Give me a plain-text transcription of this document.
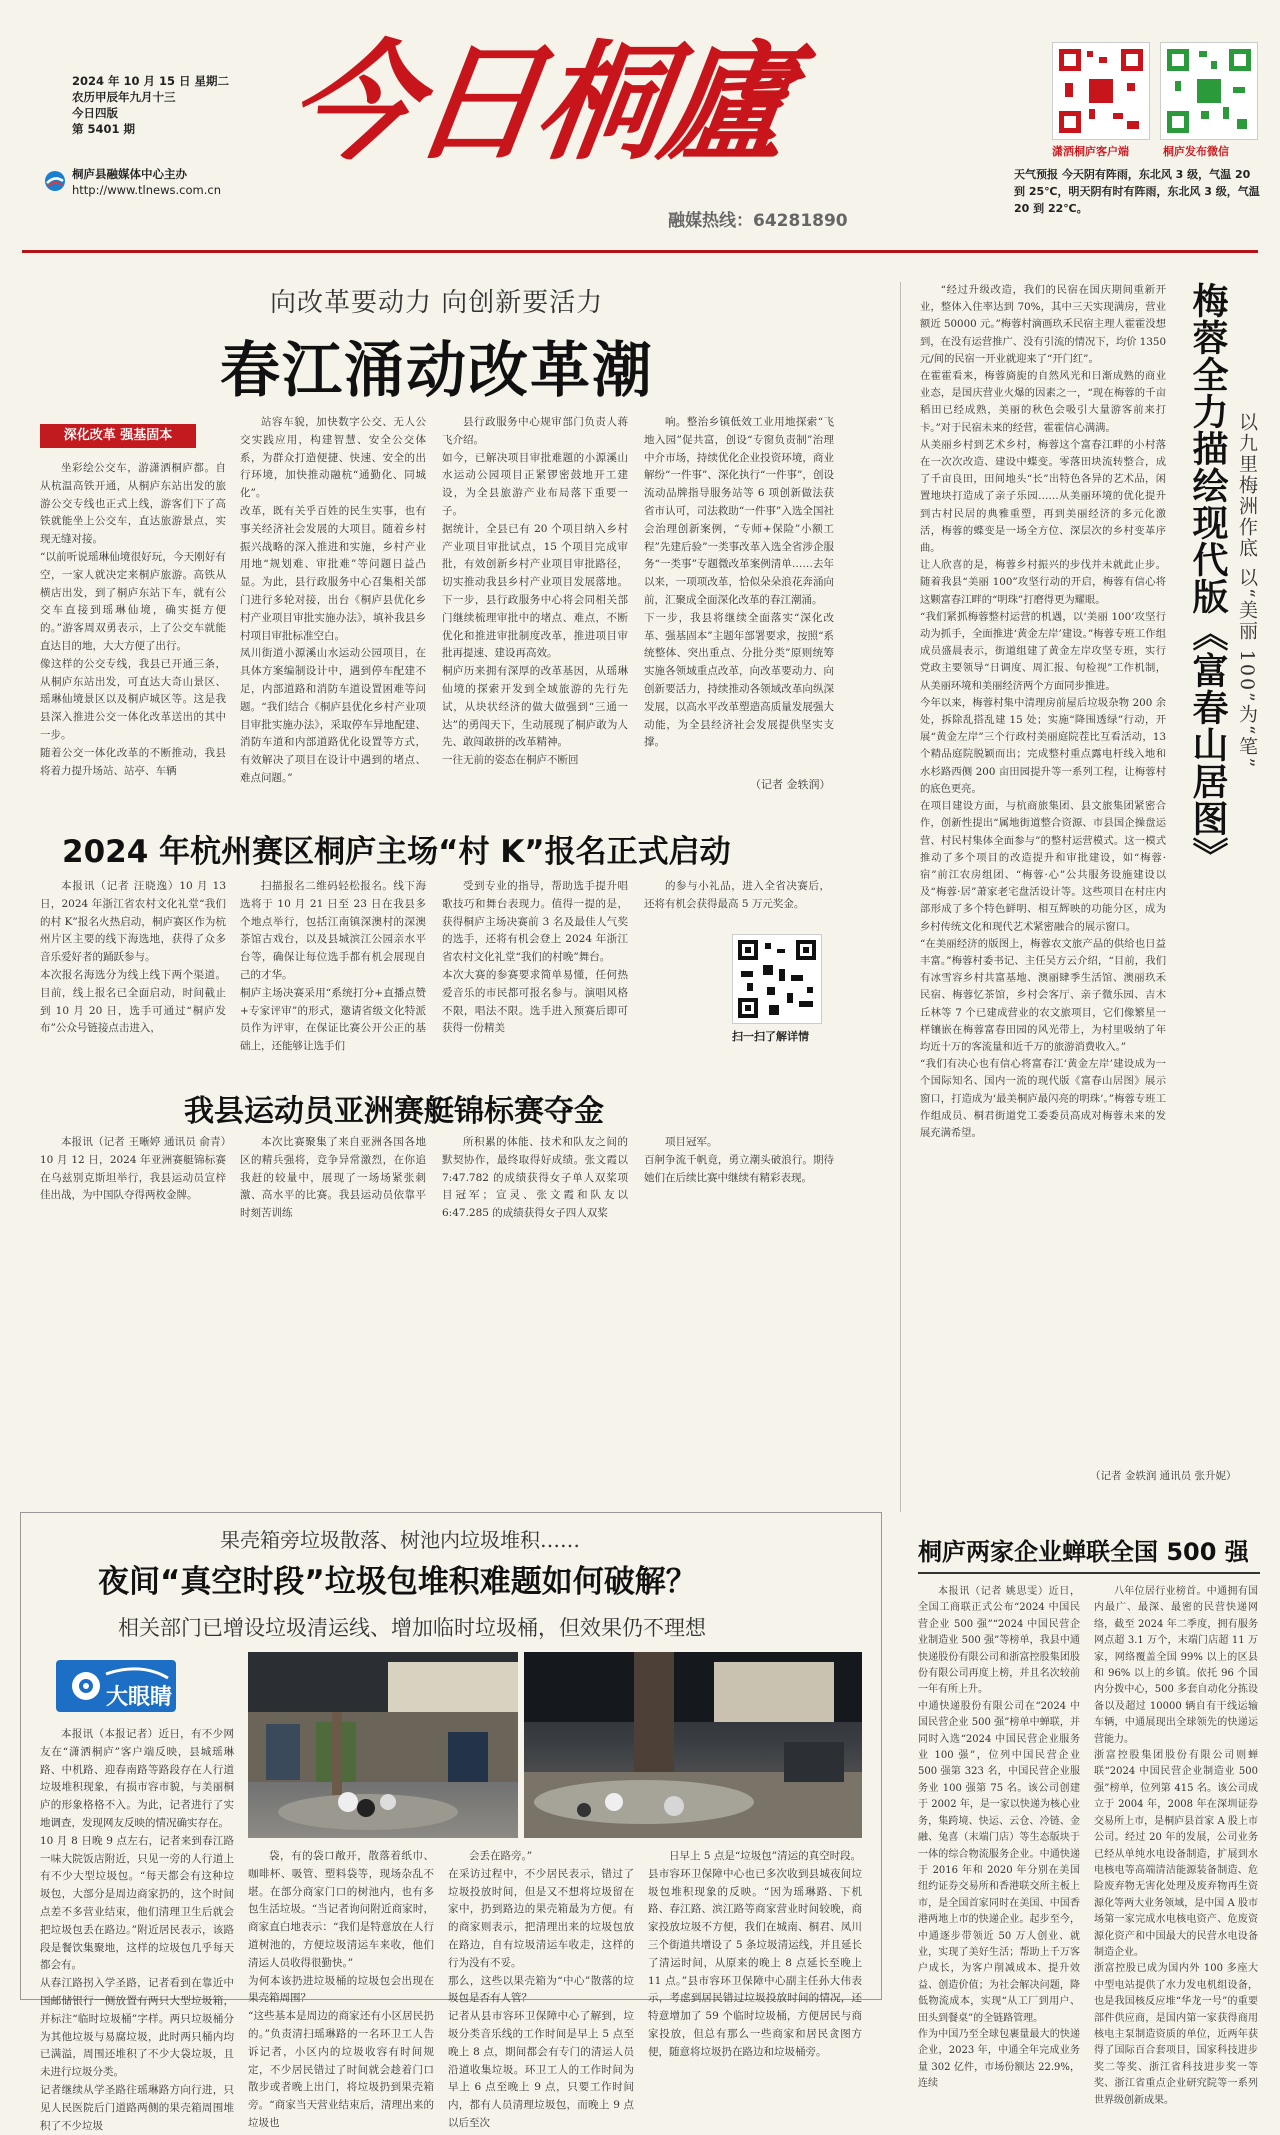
2024 年 10 月 15 日 星期二
农历甲辰年九月十三
今日四版
第 5401 期
桐庐县融媒体中心主办
http://www.tlnews.com.cn
今日桐廬
融媒热线：64281890
潇洒桐庐客户端	桐庐发布微信
天气预报 今天阴有阵雨，东北风 3 级，气温 20 到 25℃，明天阴有时有阵雨，东北风 3 级，气温 20 到 22℃。
向改革要动力 向创新要活力
春江涌动改革潮
深化改革 强基固本

坐彩绘公交车，游潇洒桐庐都。自从杭温高铁开通，从桐庐东站出发的旅游公交专线也正式上线，游客们下了高铁就能坐上公交车，直达旅游景点，实现无缝对接。
“以前听说瑶琳仙境很好玩，今天刚好有空，一家人就决定来桐庐旅游。高铁从横店出发，到了桐庐东站下车，就有公交车直接到瑶琳仙境，确实挺方便的。”游客周双勇表示，上了公交车就能直达目的地，大大方便了出行。
像这样的公交专线，我县已开通三条，从桐庐东站出发，可直达大奇山景区、瑶琳仙境景区以及桐庐城区等。这是我县深入推进公交一体化改革送出的其中一步。
随着公交一体化改革的不断推动，我县将着力提升场站、站亭、车辆

站容车貌，加快数字公交、无人公交实践应用，构建智慧、安全公交体系，为群众打造便捷、快速、安全的出行环境，加快推动融杭“通勤化、同城化”。
改革，既有关乎百姓的民生实事，也有事关经济社会发展的大项目。随着乡村振兴战略的深入推进和实施，乡村产业用地“规划难、审批难”等问题日益凸显。为此，县行政服务中心召集相关部门进行多轮对接，出台《桐庐县优化乡村产业项目审批实施办法》，填补我县乡村项目审批标准空白。
凤川街道小源溪山水运动公园项目，在具体方案编制设计中，遇到停车配建不足，内部道路和消防车道设置困难等问题。“我们结合《桐庐县优化乡村产业项目审批实施办法》，采取停车异地配建、消防车道和内部道路优化设置等方式，有效解决了项目在设计中遇到的堵点、难点问题。”

县行政服务中心规审部门负责人蒋飞介绍。
如今，已解决项目审批难题的小源溪山水运动公园项目正紧锣密鼓地开工建设，为全县旅游产业布局落下重要一子。
据统计，全县已有 20 个项目纳入乡村产业项目审批试点，15 个项目完成审批，有效创新乡村产业项目审批路径，切实推动我县乡村产业项目发展落地。下一步，县行政服务中心将会同相关部门继续梳理审批中的堵点、难点，不断优化和推进审批制度改革，推进项目审批再提速、建设再高效。
桐庐历来拥有深厚的改革基因，从瑶琳仙境的探索开发到全域旅游的先行先试，从块状经济的做大做强到“三通一达”的勇闯天下，生动展现了桐庐敢为人先、敢闯敢拼的改革精神。
一往无前的姿态在桐庐不断回

响。整治乡镇低效工业用地探索“飞地入园”促共富，创设“专窗负责制”治理中介市场，持续优化企业投资环境，商业解纷“一件事”、深化执行“一件事”，创设流动品牌指导服务站等 6 项创新做法获省市认可，司法救助“一件事”入选全国社会治理创新案例，“专师+保险”小额工程”先建后验”一类事改革入选全省涉企服务“一类事”专题微改革案例清单……去年以来，一项项改革，恰似朵朵浪花奔涌向前，汇聚成全面深化改革的春江潮涌。
下一步，我县将继续全面落实“深化改革、强基固本”主题年部署要求，按照“系统整体、突出重点、分批分类”原则统筹实施各领域重点改革，向改革要动力、向创新要活力，持续推动各领域改革向纵深发展，以高水平改革塑造高质量发展强大动能，为全县经济社会发展提供坚实支撑。

（记者 金轶润）
2024 年杭州赛区桐庐主场“村 K”报名正式启动

本报讯（记者 汪晓逸）10 月 13 日，2024 年浙江省农村文化礼堂“我们的村 K”报名火热启动，桐庐赛区作为杭州片区主要的线下海选地，获得了众多音乐爱好者的踊跃参与。
本次报名海选分为线上线下两个渠道。目前，线上报名已全面启动，时间截止到 10 月 20 日，选手可通过“桐庐发布”公众号链接点击进入，

扫描报名二维码轻松报名。线下海选将于 10 月 21 日至 23 日在我县多个地点举行，包括江南镇深澳村的深澳茶馆古戏台，以及县城滨江公园亲水平台等，确保让每位选手都有机会展现自己的才华。
桐庐主场决赛采用“系统打分+直播点赞+专家评审”的形式，邀请省级文化特派员作为评审，在保证比赛公开公正的基础上，还能够让选手们

受到专业的指导，帮助选手提升唱歌技巧和舞台表现力。值得一提的是，获得桐庐主场决赛前 3 名及最佳人气奖的选手，还将有机会登上 2024 年浙江省农村文化礼堂“我们的村晚”舞台。
本次大赛的参赛要求简单易懂，任何热爱音乐的市民都可报名参与。演唱风格不限，唱法不限。选手进入预赛后即可获得一份精美

的参与小礼品，进入全省决赛后，还将有机会获得最高 5 万元奖金。

扫一扫了解详情
我县运动员亚洲赛艇锦标赛夺金

本报讯（记者 王晰婷 通讯员 俞青）10 月 12 日，2024 年亚洲赛艇锦标赛在乌兹别克斯坦举行，我县运动员宣梓佳出战，为中国队夺得两枚金牌。

本次比赛聚集了来自亚洲各国各地区的精兵强将，竞争异常激烈，在你追我赶的较量中，展现了一场场紧张刺激、高水平的比赛。我县运动员依靠平时刻苦训练

所积累的体能、技术和队友之间的默契协作，最终取得好成绩。张文霞以 7:47.782 的成绩获得女子单人双桨项目冠军；宣灵、张文霞和队友以 6:47.285 的成绩获得女子四人双桨

项目冠军。
百舸争流千帆竟，勇立潮头破浪行。期待她们在后续比赛中继续有精彩表现。

梅蓉全力描绘现代版《富春山居图》 以九里梅洲作底 以“美丽 100”为“笔”

“经过升级改造，我们的民宿在国庆期间重新开业，整体入住率达到 70%，其中三天实现满房，营业额近 50000 元。”梅蓉村滴画玖禾民宿主理人霍霍没想到，在没有运营推广、没有引流的情况下，均价 1350 元/间的民宿一开业就迎来了“开门红”。
在霍霍看来，梅蓉旖旎的自然风光和日渐成熟的商业业态，是国庆营业火爆的因素之一，“现在梅蓉的千亩稻田已经成熟，美丽的秋色会吸引大量游客前来打卡。”对于民宿未来的经营，霍霍信心满满。
从美丽乡村到艺术乡村，梅蓉这个富春江畔的小村落在一次次改造、建设中蝶变。零落田块流转整合，成了千亩良田，田间地头“长”出特色各异的艺术品，闲置地块打造成了亲子乐园……从美丽环境的优化提升到古村民居的典雅重塑，再到美丽经济的多元化激活，梅蓉的蝶变是一场全方位、深层次的乡村变革序曲。
让人欣喜的是，梅蓉乡村振兴的步伐并未就此止步。随着我县“美丽 100”攻坚行动的开启，梅蓉有信心将这颗富春江畔的“明珠”打磨得更为耀眼。
“我们紧抓梅蓉整村运营的机遇，以‘美丽 100’攻坚行动为抓手，全面推进‘黄金左岸’建设。”梅蓉专班工作组成员盛晨表示，街道组建了黄金左岸攻坚专班，实行党政主要领导“日调度、周汇报、旬检视”工作机制，从美丽环境和美丽经济两个方面同步推进。
今年以来，梅蓉村集中清理房前屋后垃圾杂物 200 余处，拆除乱搭乱建 15 处；实施“降围透绿”行动，开展“黄金左岸”三个行政村美丽庭院茬比互看活动，13 个精品庭院脱颖而出；完成整村重点露电杆线入地和水杉路西侧 200 亩田园提升等一系列工程，让梅蓉村的底色更亮。
在项目建设方面，与杭商旅集团、县文旅集团紧密合作，创新性提出“属地街道整合资源、市县国企操盘运营、村民村集体全面参与”的整村运营模式。这一模式推动了多个项目的改造提升和审批建设，如“梅蓉·宿”前江农房组团、“梅蓉·心”公共服务设施建设以及“梅蓉·居”萧家老宅盘活设计等。这些项目在村庄内部形成了多个特色鲜明、相互辉映的功能分区，成为乡村传统文化和现代艺术紧密融合的展示窗口。
“在美丽经济的版图上，梅蓉农文旅产品的供给也日益丰富。”梅蓉村委书记、主任吴方云介绍，“目前，我们有冰雪容乡村共富基地、澳丽肆季生活馆、澳丽玖禾民宿、梅蓉忆茶馆，乡村会客厅、亲子微乐园、吉木丘林等 7 个已建成营业的农文旅项目，它们像繁星一样镶嵌在梅蓉富春田园的风光带上，为村里吸纳了年均近十万的客流量和近千万的旅游消费收入。”
“我们有决心也有信心将富春江‘黄金左岸’建设成为一个国际知名、国内一流的现代版《富春山居图》展示窗口，打造成为‘最美桐庐最闪亮的明珠’。”梅蓉专班工作组成员、桐君街道党工委委员高成对梅蓉未来的发展充满希望。

（记者 金轶润 通讯员 张升妮）
果壳箱旁垃圾散落、树池内垃圾堆积……
夜间“真空时段”垃圾包堆积难题如何破解？
相关部门已增设垃圾清运线、增加临时垃圾桶，但效果仍不理想
大眼睛

本报讯（本报记者）近日，有不少网友在“潇洒桐庐”客户端反映，县城瑶琳路、中机路、迎春南路等路段存在人行道垃圾堆积现象，有损市容市貌，与美丽桐庐的形象格格不入。为此，记者进行了实地调查，发现网友反映的情况确实存在。
10 月 8 日晚 9 点左右，记者来到春江路一味大院饭店附近，只见一旁的人行道上有不少大型垃圾包。“每天都会有这种垃圾包，大部分是周边商家扔的，这个时间点差不多营业结束，他们清理卫生后就会把垃圾包丢在路边。”附近居民表示，该路段是餐饮集聚地，这样的垃圾包几乎每天都会有。
从春江路拐入学圣路，记者看到在靠近中国邮储银行一侧放置有两只大型垃圾箱，并标注“临时垃圾桶”字样。两只垃圾桶分为其他垃圾与易腐垃圾，此时两只桶内均已满溢，周围还堆积了不少大袋垃圾，且未进行垃圾分类。
记者继续从学圣路往瑶琳路方向行进，只见人民医院后门道路两侧的果壳箱周围堆积了不少垃圾

袋，有的袋口敞开，散落着纸巾、咖啡杯、吸管、塑料袋等，现场杂乱不堪。在部分商家门口的树池内，也有多包生活垃圾。“当记者询问附近商家时，商家直白地表示：“我们是特意放在人行道树池的，方便垃圾清运车来收，他们清运人员收得很勤快。”
为何本该扔进垃圾桶的垃圾包会出现在果壳箱周围？
“这些基本是周边的商家还有小区居民扔的。”负责清扫瑶琳路的一名环卫工人告诉记者，小区内的垃圾收容有时间规定，不少居民错过了时间就会趁着门口散步或者晚上出门，将垃圾扔到果壳箱旁。“商家当天营业结束后，清理出来的垃圾也

会丢在路旁。”
在采访过程中，不少居民表示，错过了垃圾投放时间，但是又不想将垃圾留在家中，扔到路边的果壳箱最为方便。有的商家则表示，把清理出来的垃圾包放在路边，自有垃圾清运车收走，这样的行为没有不妥。
那么，这些以果壳箱为“中心”散落的垃圾包是否有人管？
记者从县市容环卫保障中心了解到，垃圾分类音乐线的工作时间是早上 5 点至晚上 8 点，期间都会有专门的清运人员沿道收集垃圾。环卫工人的工作时间为早上 6 点至晚上 9 点，只要工作时间内，都有人员清理垃圾包，而晚上 9 点以后至次

日早上 5 点是“垃圾包”清运的真空时段。
县市容环卫保障中心也已多次收到县城夜间垃圾包堆积现象的反映。“因为瑶琳路、下机路、春江路、滨江路等商家营业时间较晚，商家投放垃圾不方便，我们在城南、桐君、凤川三个街道共增设了 5 条垃圾清运线，并且延长了清运时间，从原来的晚上 8 点延长至晚上 11 点。”县市容环卫保障中心副主任孙大伟表示，考虑到居民错过垃圾投放时间的情况，还特意增加了 59 个临时垃圾桶，方便居民与商家投放，但总有那么一些商家和居民贪图方便，随意将垃圾扔在路边和垃圾桶旁。

桐庐两家企业蝉联全国 500 强

本报讯（记者 姚思雯）近日，全国工商联正式公布“2024 中国民营企业 500 强”“2024 中国民营企业制造业 500 强”等榜单，我县中通快递股份有限公司和浙富控股集团股份有限公司再度上榜，并且名次较前一年有所上升。
中通快递股份有限公司在“2024 中国民营企业 500 强”榜单中蝉联，并同时入选“2024 中国民营企业服务业 100 强”，位列中国民营企业 500 强第 323 名，中国民营企业服务业 100 强第 75 名。该公司创建于 2002 年，是一家以快递为核心业务，集跨境、快运、云仓、冷链、金融、兔喜（末端门店）等生态版块于一体的综合物流服务企业。中通快递于 2016 年和 2020 年分别在美国纽约证券交易所和香港联交所主板上市，是全国首家同时在美国、中国香港两地上市的快递企业。起步至今，中通逐步带领近 50 万人创业、就业，实现了美好生活；帮助上千万客户成长，为客户削减成本、提升效益、创造价值；为社会解决问题，降低物流成本，实现“从工厂到用户、田头到餐桌”的全链路管理。
作为中国乃至全球包裹量最大的快递企业，2023 年，中通全年完成业务量 302 亿件，市场份额达 22.9%，连续

八年位居行业榜首。中通拥有国内最广、最深、最密的民营快递网络，截至 2024 年二季度，拥有服务网点超 3.1 万个，末端门店超 11 万家，网络覆盖全国 99% 以上的区县和 96% 以上的乡镇。依托 96 个国内分拨中心，500 多套自动化分拣设备以及超过 10000 辆自有干线运输车辆，中通展现出全球领先的快递运营能力。
浙富控股集团股份有限公司则蝉联“2024 中国民营企业制造业 500 强”榜单，位列第 415 名。该公司成立于 2004 年，2008 年在深圳证券交易所上市，是桐庐县首家 A 股上市公司。经过 20 年的发展，公司业务已经从单纯水电设备制造，扩展到水电核电等高端清洁能源装备制造、危险废弃物无害化处理及废弃物再生资源化等两大业务领域，是中国 A 股市场第一家完成水电核电资产、危废资源化资产和中国最大的民营水电设备制造企业。
浙富控股已成为国内外 100 多座大中型电站提供了水力发电机组设备，也是我国核反应堆“华龙一号”的重要部件供应商，是国内第一家获得商用核电主泵制造资质的单位，近两年获得了国际百合套项目，国家科技进步奖二等奖、浙江省科技进步奖一等奖、浙江省重点企业研究院等一系列世界级创新成果。
